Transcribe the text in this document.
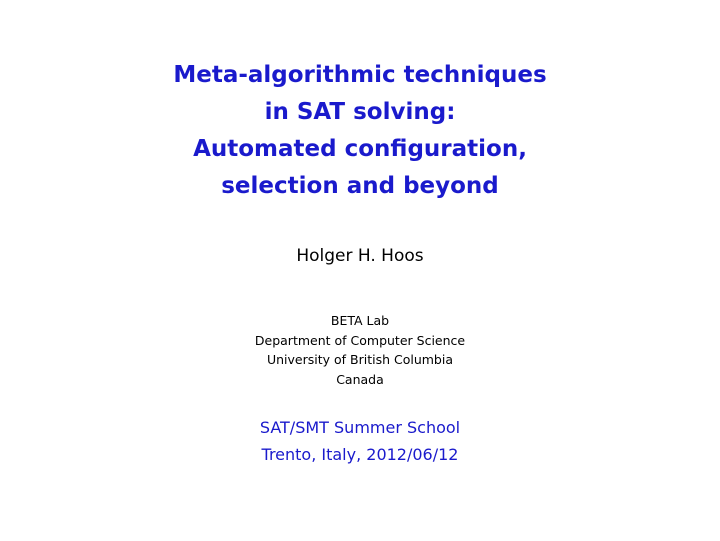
Meta-algorithmic techniques
in SAT solving:
Automated configuration,
selection and beyond
Holger H. Hoos
BETA Lab
Department of Computer Science
University of British Columbia
Canada
SAT/SMT Summer School
Trento, Italy, 2012/06/12
